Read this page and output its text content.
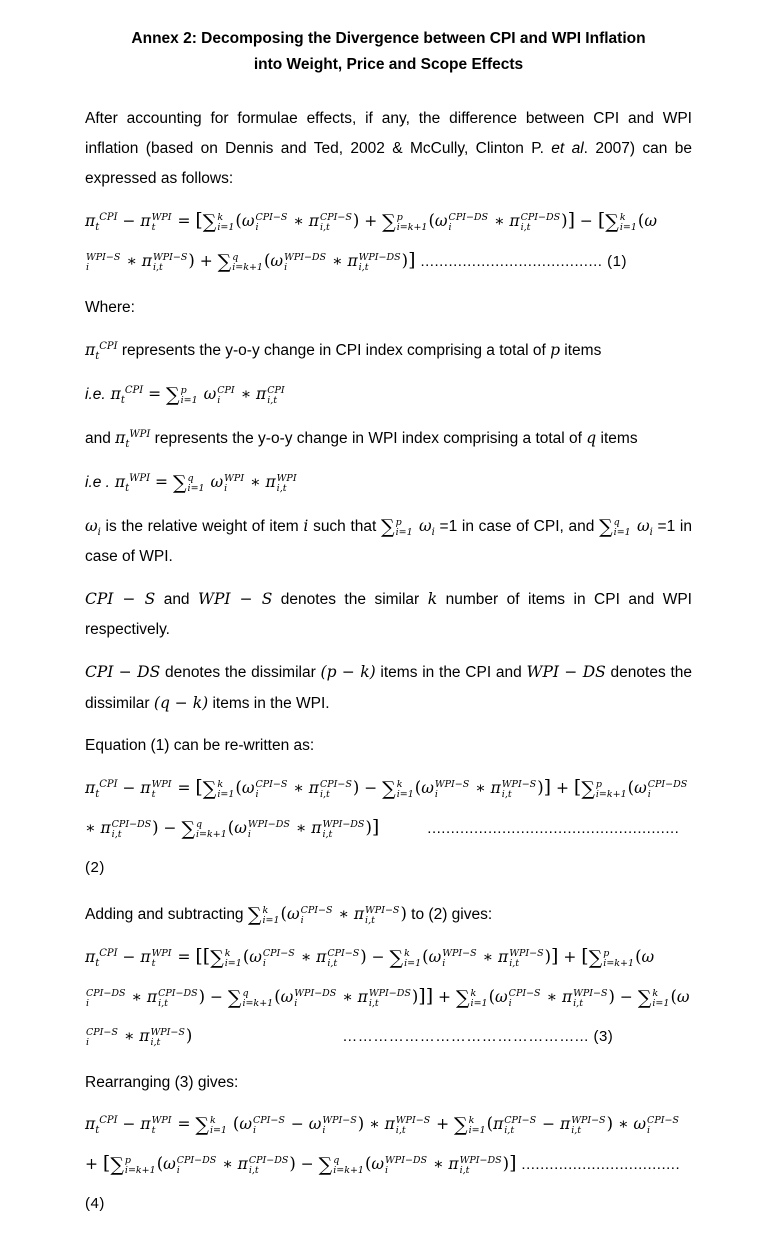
Annex 2: Decomposing the Divergence between CPI and WPI Inflation
into Weight, Price and Scope Effects

After accounting for formulae effects, if any, the difference between CPI and WPI inflation (based on Dennis and Ted, 2002 & McCully, Clinton P. et al. 2007) can be expressed as follows:

$\pi_t^{CPI} - \pi$ WPI
t = [∑ k
i=1 (ω CPI−S
i ∗ π CPI−S
i,t ) + ∑ p
i=k+1 (ω CPI−DS
i ∗ π CPI−DS
i,t )] − [∑ k
i=1 (ω
WPI−S
i ∗ π WPI−S
i,t ) + ∑ q
i=k+1 (ω WPI−DS
i	∗ π WPI−DS
i,t )] ....................................... (1)

Where:

$\pi_t^{CPI}$ represents the y-o-y change in CPI index comprising a total of p items

i.e. $\pi_t^{CPI}$ = ∑ p
i=1 ω CPI
i ∗ π CPI
i,t

and $\pi_t^{WPI}$ represents the y-o-y change in WPI index comprising a total of q items

i.e . $\pi_t^{WPI}$ = ∑ q
i=1 ω WPI
i ∗ π WPI
i,t

$\omega_i$ is the relative weight of item i such that ∑ p
i=1 $\omega_i =1$ in case of CPI, and ∑ q
i=1 $\omega_i =1$ in case of WPI.

CPI − S and WPI − S denotes the similar k number of items in CPI and WPI respectively.

CPI − DS denotes the dissimilar (p − k) items in the CPI and WPI − DS denotes the dissimilar (q − k) items in the WPI.

Equation (1) can be re-written as:

$\pi_t^{CPI} - \pi$ WPI
t = [∑ k
i=1 (ω CPI−S
i ∗ π CPI−S
i,t ) − ∑ k
i=1 (ω WPI−S
i ∗ π WPI−S
i,t )] + [∑ p
i=k+1 (ω CPI−DS
i
∗ π CPI−DS
i,t ) − ∑ q
i=k+1 (ω WPI−DS
i	∗ π WPI−DS
i,t )]	...................................................... (2)

Adding and subtracting ∑ k
i=1 (ω CPI−S
i ∗ π WPI−S
i,t ) to (2) gives:

$\pi_t^{CPI} - \pi$ WPI
t = [[∑ k
i=1 (ω CPI−S
i ∗ π CPI−S
i,t ) − ∑ k
i=1 (ω WPI−S
i ∗ π WPI−S
i,t )] + [∑ p
i=k+1 (ω
CPI−DS
i ∗ π CPI−DS
i,t ) − ∑ q
i=k+1 (ω WPI−DS
i	∗ π WPI−DS
i,t )]] + ∑ k
i=1 (ω CPI−S
i ∗ π WPI−S
i,t ) − ∑ k
i=1 (ω
CPI−S
i ∗ π WPI−S
i,t )	………………………………………... (3)

Rearranging (3) gives:

$\pi_t^{CPI} - \pi$ WPI
t = ∑ k
i=1 (ω CPI−S
i − ω WPI−S
i ) ∗ π WPI−S
i,t + ∑ k
i=1 (π CPI−S
i,t − π WPI−S
i,t ) ∗ ω CPI−S
i
+ [∑ p
i=k+1 (ω CPI−DS
i ∗ π CPI−DS
i,t ) − ∑ q
i=k+1 (ω WPI−DS
i	∗ π WPI−DS
i,t )] .................................. (4)
